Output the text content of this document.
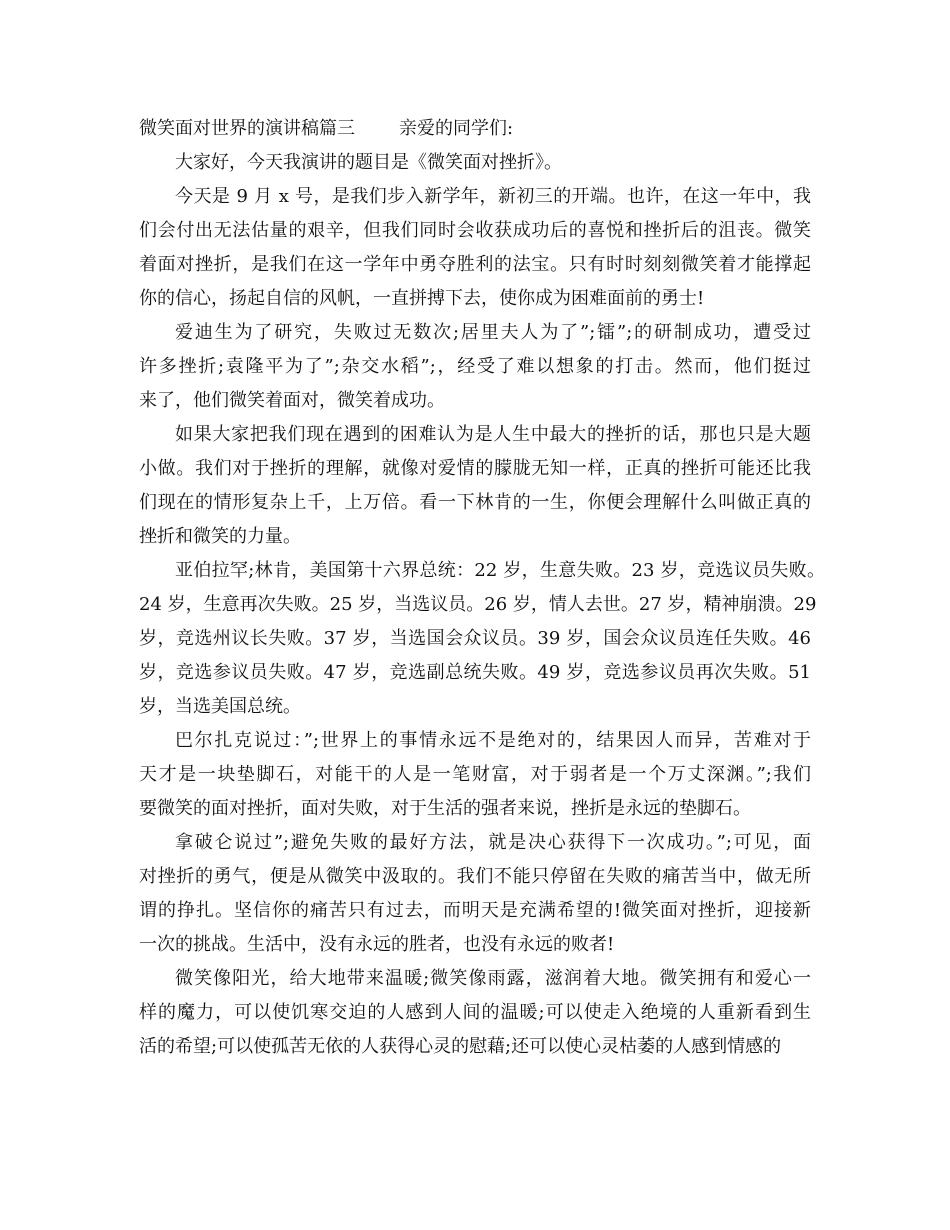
微笑面对世界的演讲稿篇三 亲爱的同学们:

大家好，今天我演讲的题目是《微笑面对挫折》。

今天是 9 月 x 号，是我们步入新学年，新初三的开端。也许，在这一年中，我
们会付出无法估量的艰辛，但我们同时会收获成功后的喜悦和挫折后的沮丧。微笑
着面对挫折，是我们在这一学年中勇夺胜利的法宝。只有时时刻刻微笑着才能撑起
你的信心，扬起自信的风帆，一直拼搏下去，使你成为困难面前的勇士!

爱迪生为了研究，失败过无数次;居里夫人为了”;镭”;的研制成功，遭受过
许多挫折;袁隆平为了”;杂交水稻”;，经受了难以想象的打击。然而，他们挺过
来了，他们微笑着面对，微笑着成功。

如果大家把我们现在遇到的困难认为是人生中最大的挫折的话，那也只是大题
小做。我们对于挫折的理解，就像对爱情的朦胧无知一样，正真的挫折可能还比我
们现在的情形复杂上千，上万倍。看一下林肯的一生，你便会理解什么叫做正真的
挫折和微笑的力量。

亚伯拉罕;林肯，美国第十六界总统：22 岁，生意失败。23 岁，竞选议员失败。
24 岁，生意再次失败。25 岁，当选议员。26 岁，情人去世。27 岁，精神崩溃。29
岁，竞选州议长失败。37 岁，当选国会众议员。39 岁，国会众议员连任失败。46
岁，竞选参议员失败。47 岁，竞选副总统失败。49 岁，竞选参议员再次失败。51
岁，当选美国总统。

巴尔扎克说过：”;世界上的事情永远不是绝对的，结果因人而异，苦难对于
天才是一块垫脚石，对能干的人是一笔财富，对于弱者是一个万丈深渊。”;我们
要微笑的面对挫折，面对失败，对于生活的强者来说，挫折是永远的垫脚石。

拿破仑说过”;避免失败的最好方法，就是决心获得下一次成功。”;可见，面
对挫折的勇气，便是从微笑中汲取的。我们不能只停留在失败的痛苦当中，做无所
谓的挣扎。坚信你的痛苦只有过去，而明天是充满希望的!微笑面对挫折，迎接新
一次的挑战。生活中，没有永远的胜者，也没有永远的败者!

微笑像阳光，给大地带来温暖;微笑像雨露，滋润着大地。微笑拥有和爱心一
样的魔力，可以使饥寒交迫的人感到人间的温暖;可以使走入绝境的人重新看到生
活的希望;可以使孤苦无依的人获得心灵的慰藉;还可以使心灵枯萎的人感到情感的
